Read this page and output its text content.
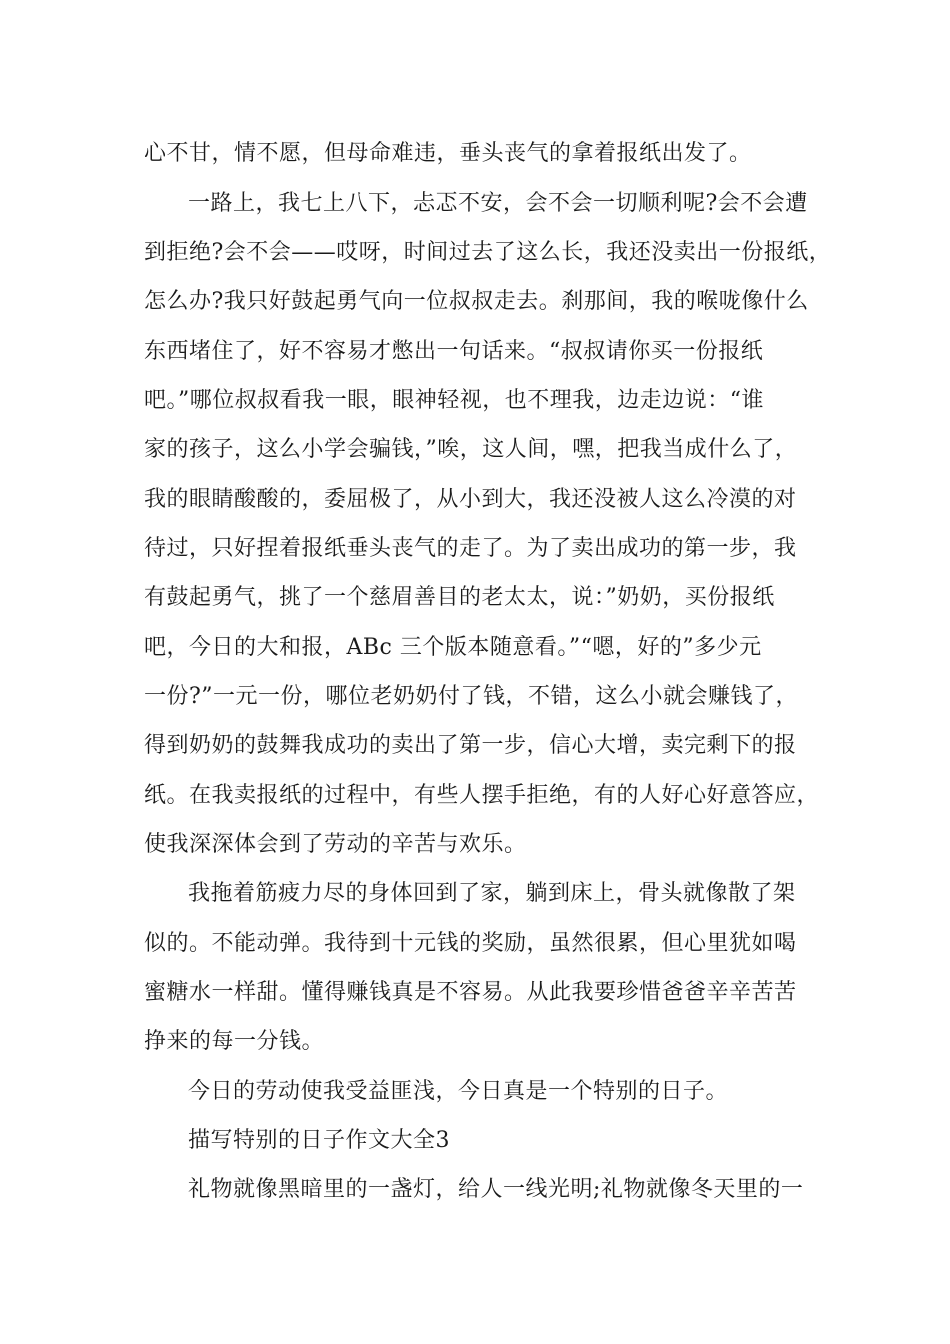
心不甘，情不愿，但母命难违，垂头丧气的拿着报纸出发了。
一路上，我七上八下，忐忑不安，会不会一切顺利呢?会不会遭
到拒绝?会不会——哎呀，时间过去了这么长，我还没卖出一份报纸，
怎么办?我只好鼓起勇气向一位叔叔走去。刹那间，我的喉咙像什么
东西堵住了，好不容易才憋出一句话来。“叔叔请你买一份报纸
吧。”哪位叔叔看我一眼，眼神轻视，也不理我，边走边说：“谁
家的孩子，这么小学会骗钱，”唉，这人间，嘿，把我当成什么了，
我的眼睛酸酸的，委屈极了，从小到大，我还没被人这么冷漠的对
待过，只好捏着报纸垂头丧气的走了。为了卖出成功的第一步，我
有鼓起勇气，挑了一个慈眉善目的老太太，说：”奶奶，买份报纸
吧，今日的大和报，ABc 三个版本随意看。”“嗯，好的”多少元
一份?”一元一份，哪位老奶奶付了钱，不错，这么小就会赚钱了，
得到奶奶的鼓舞我成功的卖出了第一步，信心大增，卖完剩下的报
纸。在我卖报纸的过程中，有些人摆手拒绝，有的人好心好意答应，
使我深深体会到了劳动的辛苦与欢乐。
我拖着筋疲力尽的身体回到了家，躺到床上，骨头就像散了架
似的。不能动弹。我待到十元钱的奖励，虽然很累，但心里犹如喝
蜜糖水一样甜。懂得赚钱真是不容易。从此我要珍惜爸爸辛辛苦苦
挣来的每一分钱。
今日的劳动使我受益匪浅，今日真是一个特别的日子。
描写特别的日子作文大全3
礼物就像黑暗里的一盏灯，给人一线光明;礼物就像冬天里的一
